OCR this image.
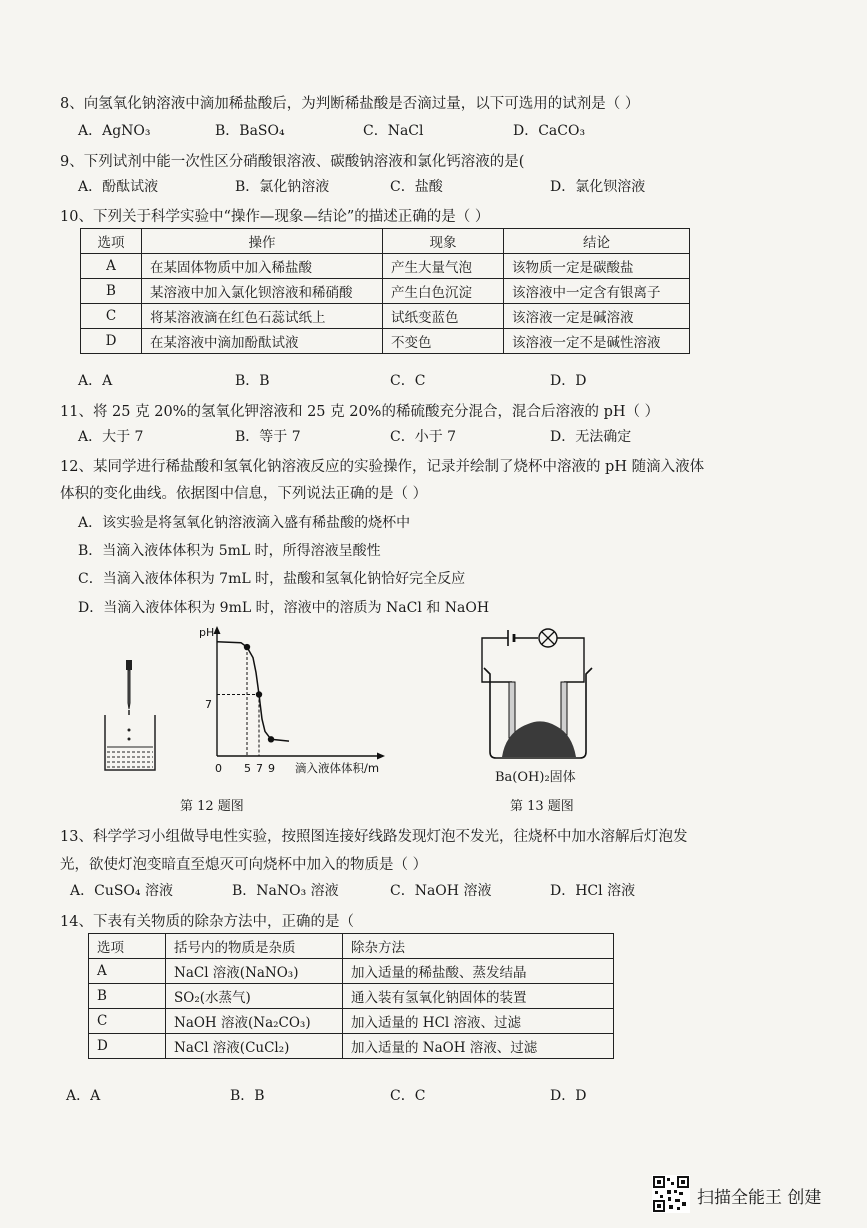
8、向氢氧化钠溶液中滴加稀盐酸后，为判断稀盐酸是否滴过量，以下可选用的试剂是（ ）
A．AgNO₃	B．BaSO₄	C．NaCl	D．CaCO₃
9、下列试剂中能一次性区分硝酸银溶液、碳酸钠溶液和氯化钙溶液的是(
A．酚酞试液	B．氯化钠溶液	C．盐酸	D．氯化钡溶液
10、下列关于科学实验中“操作—现象—结论”的描述正确的是（ ）
选项	操作	现象	结论
A	在某固体物质中加入稀盐酸	产生大量气泡	该物质一定是碳酸盐
B	某溶液中加入氯化钡溶液和稀硝酸	产生白色沉淀	该溶液中一定含有银离子
C	将某溶液滴在红色石蕊试纸上	试纸变蓝色	该溶液一定是碱溶液
D	在某溶液中滴加酚酞试液	不变色	该溶液一定不是碱性溶液
A．A	B．B	C．C	D．D
11、将 25 克 20%的氢氧化钾溶液和 25 克 20%的稀硫酸充分混合，混合后溶液的 pH（ ）
A．大于 7	B．等于 7	C．小于 7	D．无法确定
12、某同学进行稀盐酸和氢氧化钠溶液反应的实验操作，记录并绘制了烧杯中溶液的 pH 随滴入液体
体积的变化曲线。依据图中信息，下列说法正确的是（ ）
A．该实验是将氢氧化钠溶液滴入盛有稀盐酸的烧杯中
B．当滴入液体体积为 5mL 时，所得溶液呈酸性
C．当滴入液体体积为 7mL 时，盐酸和氢氧化钠恰好完全反应
D．当滴入液体体积为 9mL 时，溶液中的溶质为 NaCl 和 NaOH
pH
7
0 5 7 9 滴入液体体积/m
第 12 题图
Ba(OH)₂固体
第 13 题图
13、科学学习小组做导电性实验，按照图连接好线路发现灯泡不发光，往烧杯中加水溶解后灯泡发
光，欲使灯泡变暗直至熄灭可向烧杯中加入的物质是（ ）
A．CuSO₄ 溶液	B．NaNO₃ 溶液	C．NaOH 溶液	D．HCl 溶液
14、下表有关物质的除杂方法中，正确的是（
选项	括号内的物质是杂质	除杂方法
A	NaCl 溶液(NaNO₃)	加入适量的稀盐酸、蒸发结晶
B	SO₂(水蒸气)	通入装有氢氧化钠固体的装置
C	NaOH 溶液(Na₂CO₃)	加入适量的 HCl 溶液、过滤
D	NaCl 溶液(CuCl₂)	加入适量的 NaOH 溶液、过滤
A．A	B．B	C．C	D．D
扫描全能王 创建
